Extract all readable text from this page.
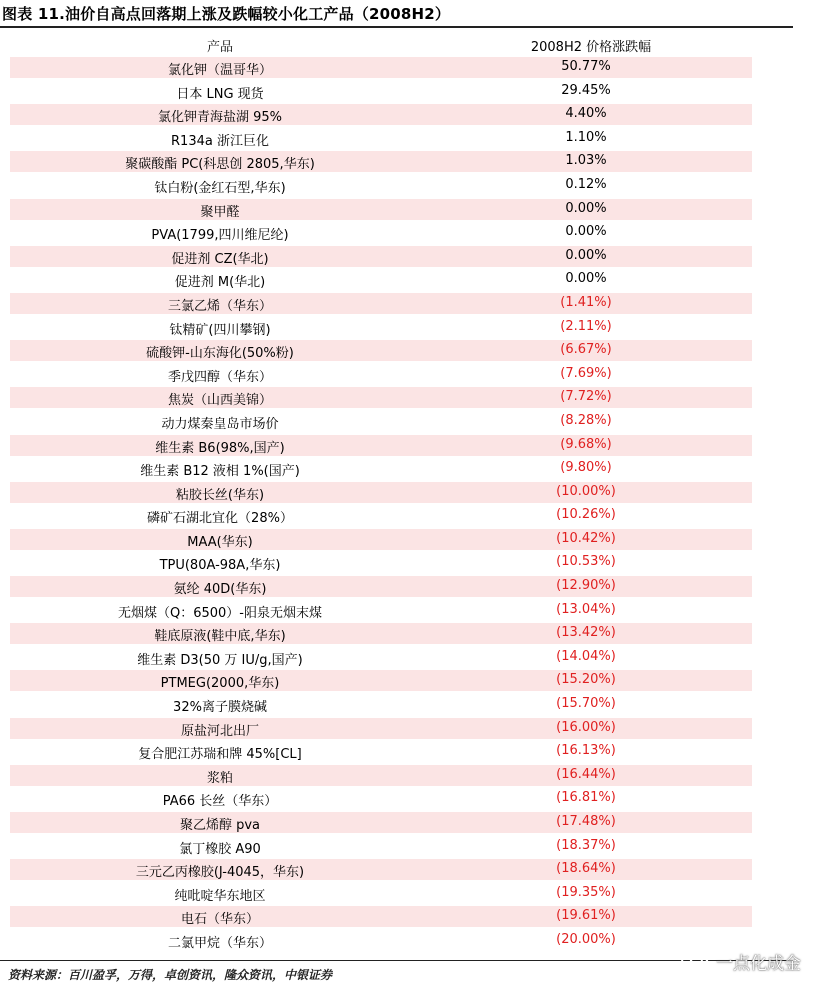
图表 11.油价自高点回落期上涨及跌幅较小化工产品（2008H2）
产品	2008H2 价格涨跌幅
氯化钾（温哥华）	50.77%
日本 LNG 现货	29.45%
氯化钾青海盐湖 95%	4.40%
R134a 浙江巨化	1.10%
聚碳酸酯 PC(科思创 2805,华东)	1.03%
钛白粉(金红石型,华东)	0.12%
聚甲醛	0.00%
PVA(1799,四川维尼纶)	0.00%
促进剂 CZ(华北)	0.00%
促进剂 M(华北)	0.00%
三氯乙烯（华东）	(1.41%)
钛精矿(四川攀钢)	(2.11%)
硫酸钾-山东海化(50%粉)	(6.67%)
季戊四醇（华东）	(7.69%)
焦炭（山西美锦）	(7.72%)
动力煤秦皇岛市场价	(8.28%)
维生素 B6(98%,国产)	(9.68%)
维生素 B12 液相 1%(国产)	(9.80%)
粘胶长丝(华东)	(10.00%)
磷矿石湖北宜化（28%）	(10.26%)
MAA(华东)	(10.42%)
TPU(80A-98A,华东)	(10.53%)
氨纶 40D(华东)	(12.90%)
无烟煤（Q：6500）-阳泉无烟末煤	(13.04%)
鞋底原液(鞋中底,华东)	(13.42%)
维生素 D3(50 万 IU/g,国产)	(14.04%)
PTMEG(2000,华东)	(15.20%)
32%离子膜烧碱	(15.70%)
原盐河北出厂	(16.00%)
复合肥江苏瑞和牌 45%[CL]	(16.13%)
浆粕	(16.44%)
PA66 长丝（华东）	(16.81%)
聚乙烯醇 pva	(17.48%)
氯丁橡胶 A90	(18.37%)
三元乙丙橡胶(J-4045，华东)	(18.64%)
纯吡啶华东地区	(19.35%)
电石（华东）	(19.61%)
二氯甲烷（华东）	(20.00%)
资料来源：百川盈孚，万得，卓创资讯，隆众资讯，中银证券
一点化成金
